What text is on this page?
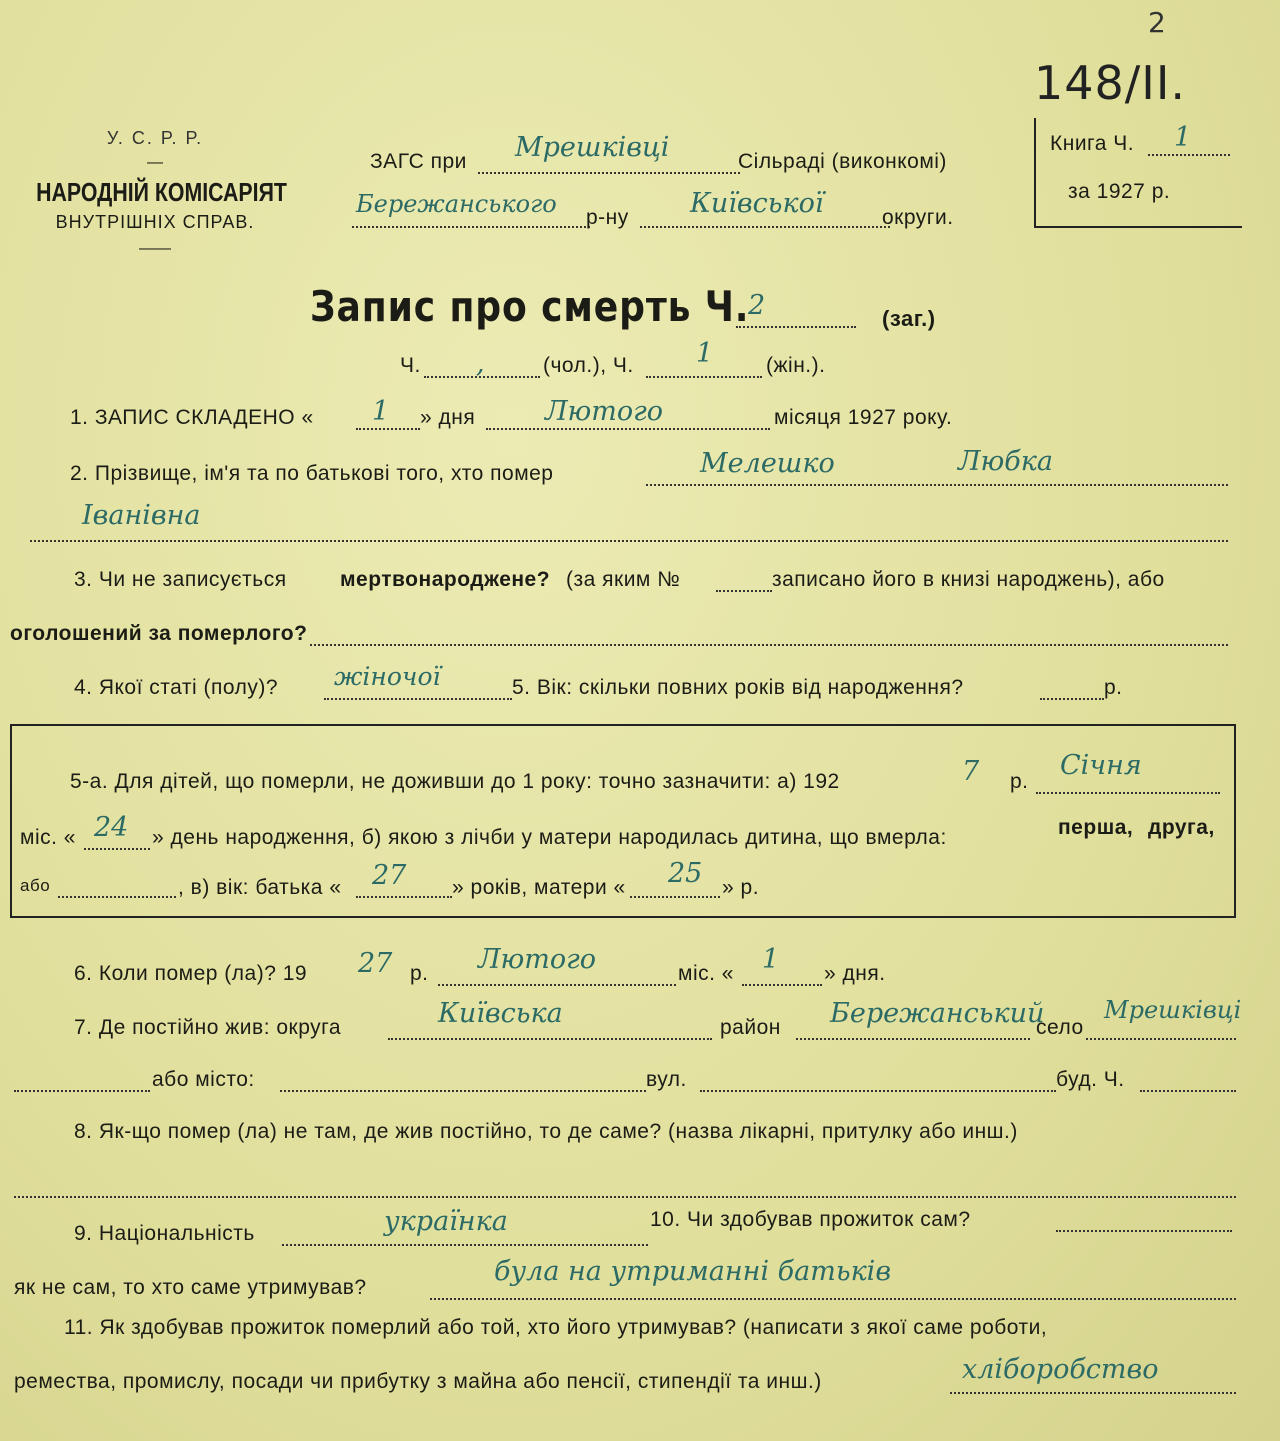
2
148/II.
У. С. Р. Р.
—
НАРОДНІЙ КОМІСАРІЯТ
ВНУТРІШНІХ СПРАВ.
——
ЗАГС при Мрешківці	Сільраді (виконкомі)
Бережанського р-ну Київської	округи.
Книга Ч. 1
за 1927 р.
Запис про смерть Ч.
2	(заг.)
Ч. ,	(чол.), Ч. 1	(жін.).
1. ЗАПИС СКЛАДЕНО « 1 » дня	Лютого	місяця 1927 року.
2. Прізвище, ім'я та по батькові того, хто помер	Мелешко	Любка
Іванівна
3. Чи не записується	мертвонароджене? (за яким №	записано його в книзі народжень), або
оголошений за померлого?
4. Якої статі (полу)? жіночої	5. Вік: скільки повних років від народження?	р.
5-а. Для дітей, що померли, не доживши до 1 року: точно зазначити: а) 192	7 р.
Січня
міс. « 24 » день народження, б) якою з лічби у матери народилась дитина, що вмерла:	перша, друга,
або	, в) вік: батька « 27 » років, матери « 25 » р.
6. Коли помер (ла)? 19 27 р. Лютого	міс. « 1 » дня.
7. Де постійно жив: округа	Київська	район Бережанський
село
Мрешківці
або місто:	вул.	буд. Ч.
8. Як-що помер (ла) не там, де жив постійно, то де саме? (назва лікарні, притулку або инш.)
9. Національність	українка	10. Чи здобував прожиток сам?
як не сам, то хто саме утримував?
була на утриманні батьків
11. Як здобував прожиток померлий або той, хто його утримував? (написати з якої саме роботи,
ремества, промислу, посади чи прибутку з майна або пенсії, стипендії та инш.)	хліборобство
